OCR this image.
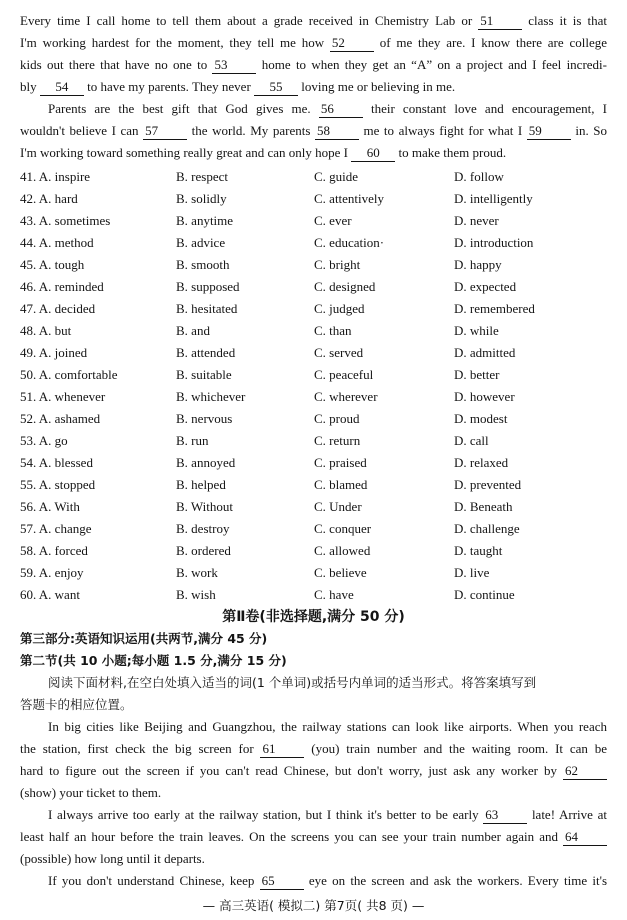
Every time I call home to tell them about a grade received in Chemistry Lab or 51 class it is that
I'm working hardest for the moment, they tell me how 52 of me they are. I know there are college
kids out there that have no one to 53 home to when they get an “A” on a project and I feel incredi-
bly 54 to have my parents. They never 55 loving me or believing in me.
Parents are the best gift that God gives me. 56 their constant love and encouragement, I
wouldn't believe I can 57 the world. My parents 58 me to always fight for what I 59 in. So
I'm working toward something really great and can only hope I 60 to make them proud.
41. A. inspire	B. respect	C. guide	D. follow
42. A. hard	B. solidly	C. attentively	D. intelligently
43. A. sometimes	B. anytime	C. ever	D. never
44. A. method	B. advice	C. education·	D. introduction
45. A. tough	B. smooth	C. bright	D. happy
46. A. reminded	B. supposed	C. designed	D. expected
47. A. decided	B. hesitated	C. judged	D. remembered
48. A. but	B. and	C. than	D. while
49. A. joined	B. attended	C. served	D. admitted
50. A. comfortable	B. suitable	C. peaceful	D. better
51. A. whenever	B. whichever	C. wherever	D. however
52. A. ashamed	B. nervous	C. proud	D. modest
53. A. go	B. run	C. return	D. call
54. A. blessed	B. annoyed	C. praised	D. relaxed
55. A. stopped	B. helped	C. blamed	D. prevented
56. A. With	B. Without	C. Under	D. Beneath
57. A. change	B. destroy	C. conquer	D. challenge
58. A. forced	B. ordered	C. allowed	D. taught
59. A. enjoy	B. work	C. believe	D. live
60. A. want	B. wish	C. have	D. continue
第Ⅱ卷(非选择题,满分 50 分)
第三部分:英语知识运用(共两节,满分 45 分)
第二节(共 10 小题;每小题 1.5 分,满分 15 分)
阅读下面材料,在空白处填入适当的词(1 个单词)或括号内单词的适当形式。将答案填写到
答题卡的相应位置。
In big cities like Beijing and Guangzhou, the railway stations can look like airports. When you reach
the station, first check the big screen for 61 (you) train number and the waiting room. It can be
hard to figure out the screen if you can't read Chinese, but don't worry, just ask any worker by 62
(show) your ticket to them.
I always arrive too early at the railway station, but I think it's better to be early 63 late! Arrive at
least half an hour before the train leaves. On the screens you can see your train number again and 64
(possible) how long until it departs.
If you don't understand Chinese, keep 65 eye on the screen and ask the workers. Every time it's
— 高三英语( 模拟二) 第7页( 共8 页) —
